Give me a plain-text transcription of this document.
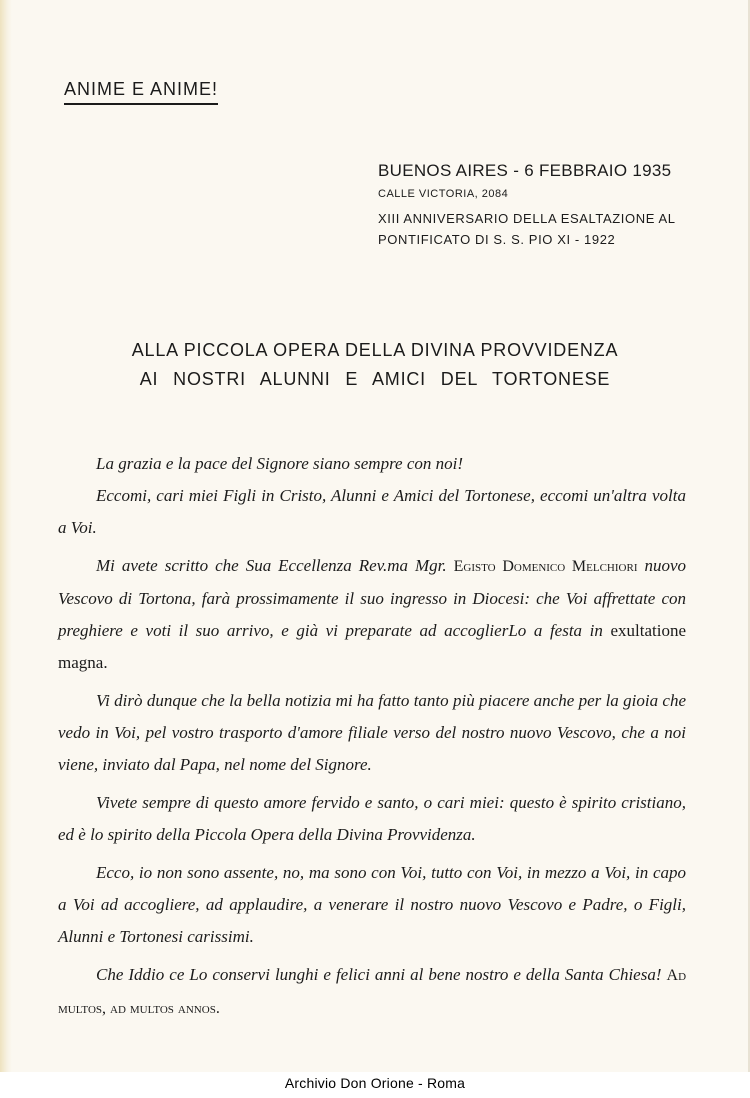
ANIME E ANIME!
BUENOS AIRES - 6 FEBBRAIO 1935
CALLE VICTORIA, 2084
XIII ANNIVERSARIO DELLA ESALTAZIONE AL
PONTIFICATO DI S. S. PIO XI - 1922
ALLA PICCOLA OPERA DELLA DIVINA PROVVIDENZA
AI NOSTRI ALUNNI E AMICI DEL TORTONESE

La grazia e la pace del Signore siano sempre con noi!

Eccomi, cari miei Figli in Cristo, Alunni e Amici del Tortonese, eccomi un'altra volta a Voi.

Mi avete scritto che Sua Eccellenza Rev.ma Mgr. Egisto Domenico Melchiori nuovo Vescovo di Tortona, farà prossimamente il suo ingresso in Diocesi: che Voi affrettate con preghiere e voti il suo arrivo, e già vi preparate ad accoglierLo a festa in exultatione magna.

Vi dirò dunque che la bella notizia mi ha fatto tanto più piacere anche per la gioia che vedo in Voi, pel vostro trasporto d'amore filiale verso del nostro nuovo Vescovo, che a noi viene, inviato dal Papa, nel nome del Signore.

Vivete sempre di questo amore fervido e santo, o cari miei: questo è spirito cristiano, ed è lo spirito della Piccola Opera della Divina Provvidenza.

Ecco, io non sono assente, no, ma sono con Voi, tutto con Voi, in mezzo a Voi, in capo a Voi ad accogliere, ad applaudire, a venerare il nostro nuovo Vescovo e Padre, o Figli, Alunni e Tortonesi carissimi.

Che Iddio ce Lo conservi lunghi e felici anni al bene nostro e della Santa Chiesa! Ad multos, ad multos annos.

Archivio Don Orione - Roma
